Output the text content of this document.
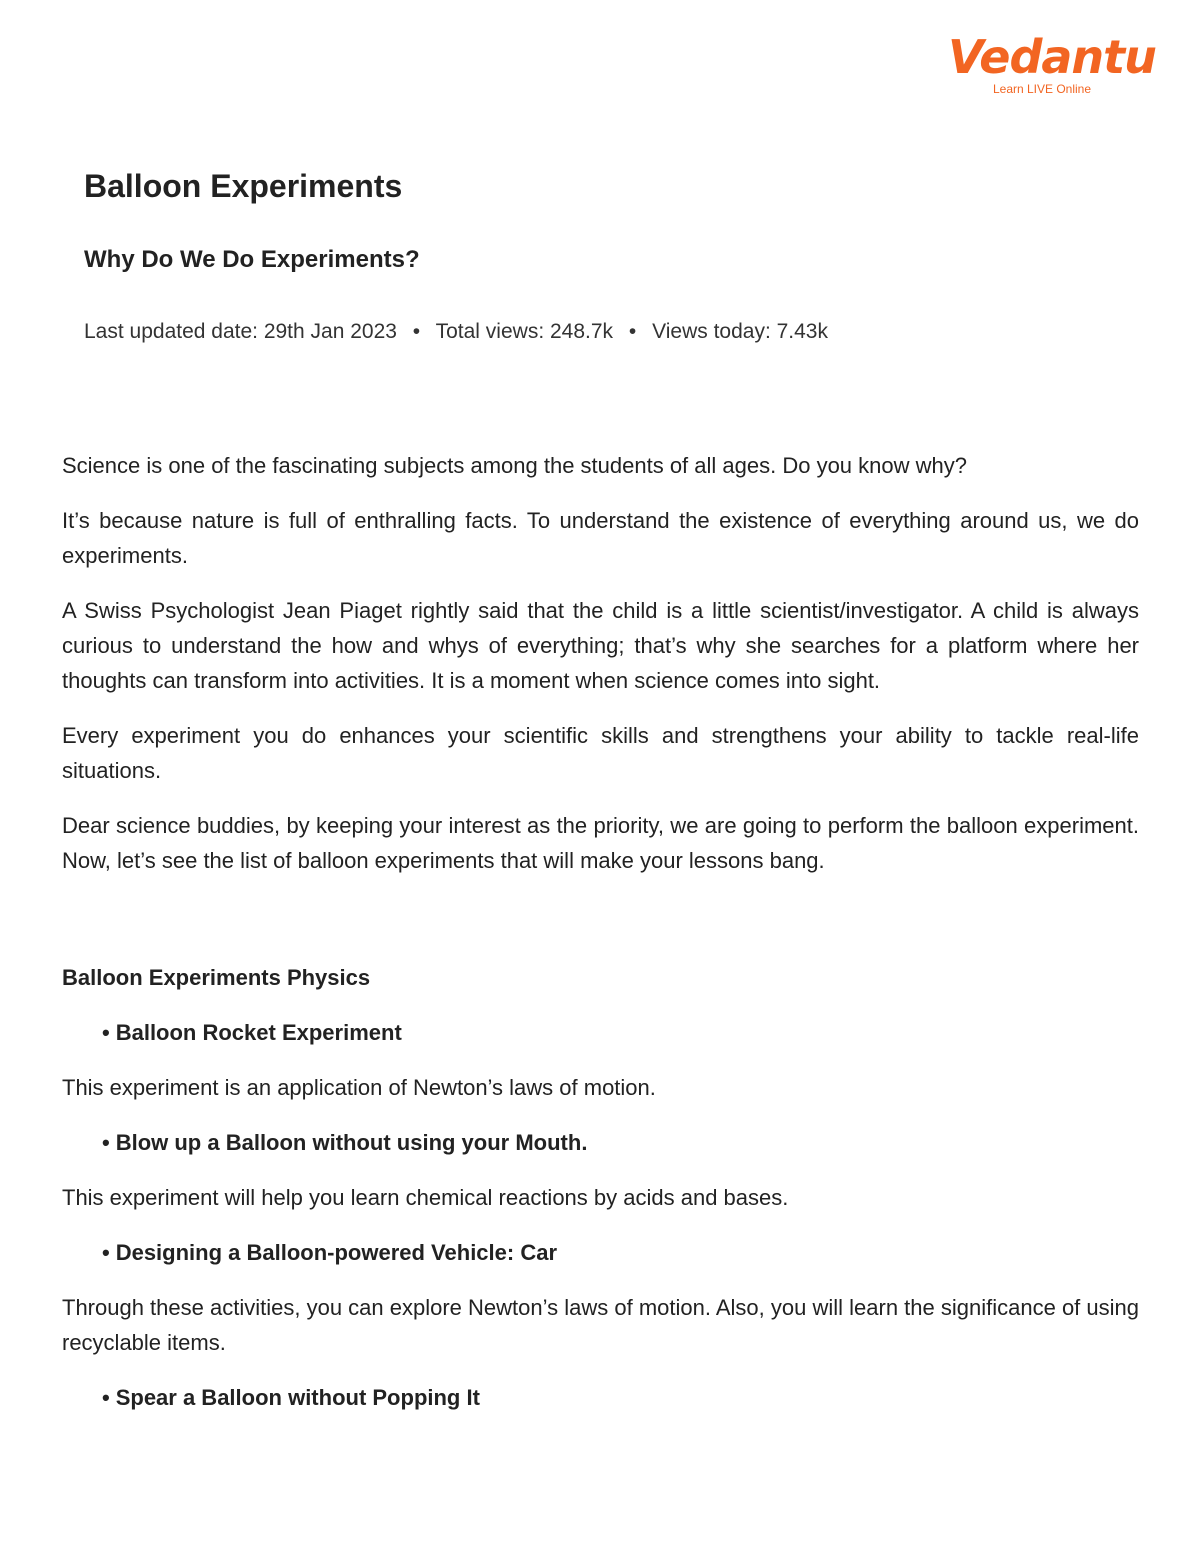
Vedantu
Learn LIVE Online
Balloon Experiments
Why Do We Do Experiments?
Last updated date: 29th Jan 2023 • Total views: 248.7k • Views today: 7.43k

Science is one of the fascinating subjects among the students of all ages. Do you know why?

It’s because nature is full of enthralling facts. To understand the existence of everything around us, we do experiments.

A Swiss Psychologist Jean Piaget rightly said that the child is a little scientist/investigator. A child is always curious to understand the how and whys of everything; that’s why she searches for a platform where her thoughts can transform into activities. It is a moment when science comes into sight.

Every experiment you do enhances your scientific skills and strengthens your ability to tackle real-life situations.

Dear science buddies, by keeping your interest as the priority, we are going to perform the balloon experiment. Now, let’s see the list of balloon experiments that will make your lessons bang.

Balloon Experiments Physics
• Balloon Rocket Experiment

This experiment is an application of Newton’s laws of motion.

• Blow up a Balloon without using your Mouth.

This experiment will help you learn chemical reactions by acids and bases.

• Designing a Balloon-powered Vehicle: Car

Through these activities, you can explore Newton’s laws of motion. Also, you will learn the significance of using recyclable items.

• Spear a Balloon without Popping It
